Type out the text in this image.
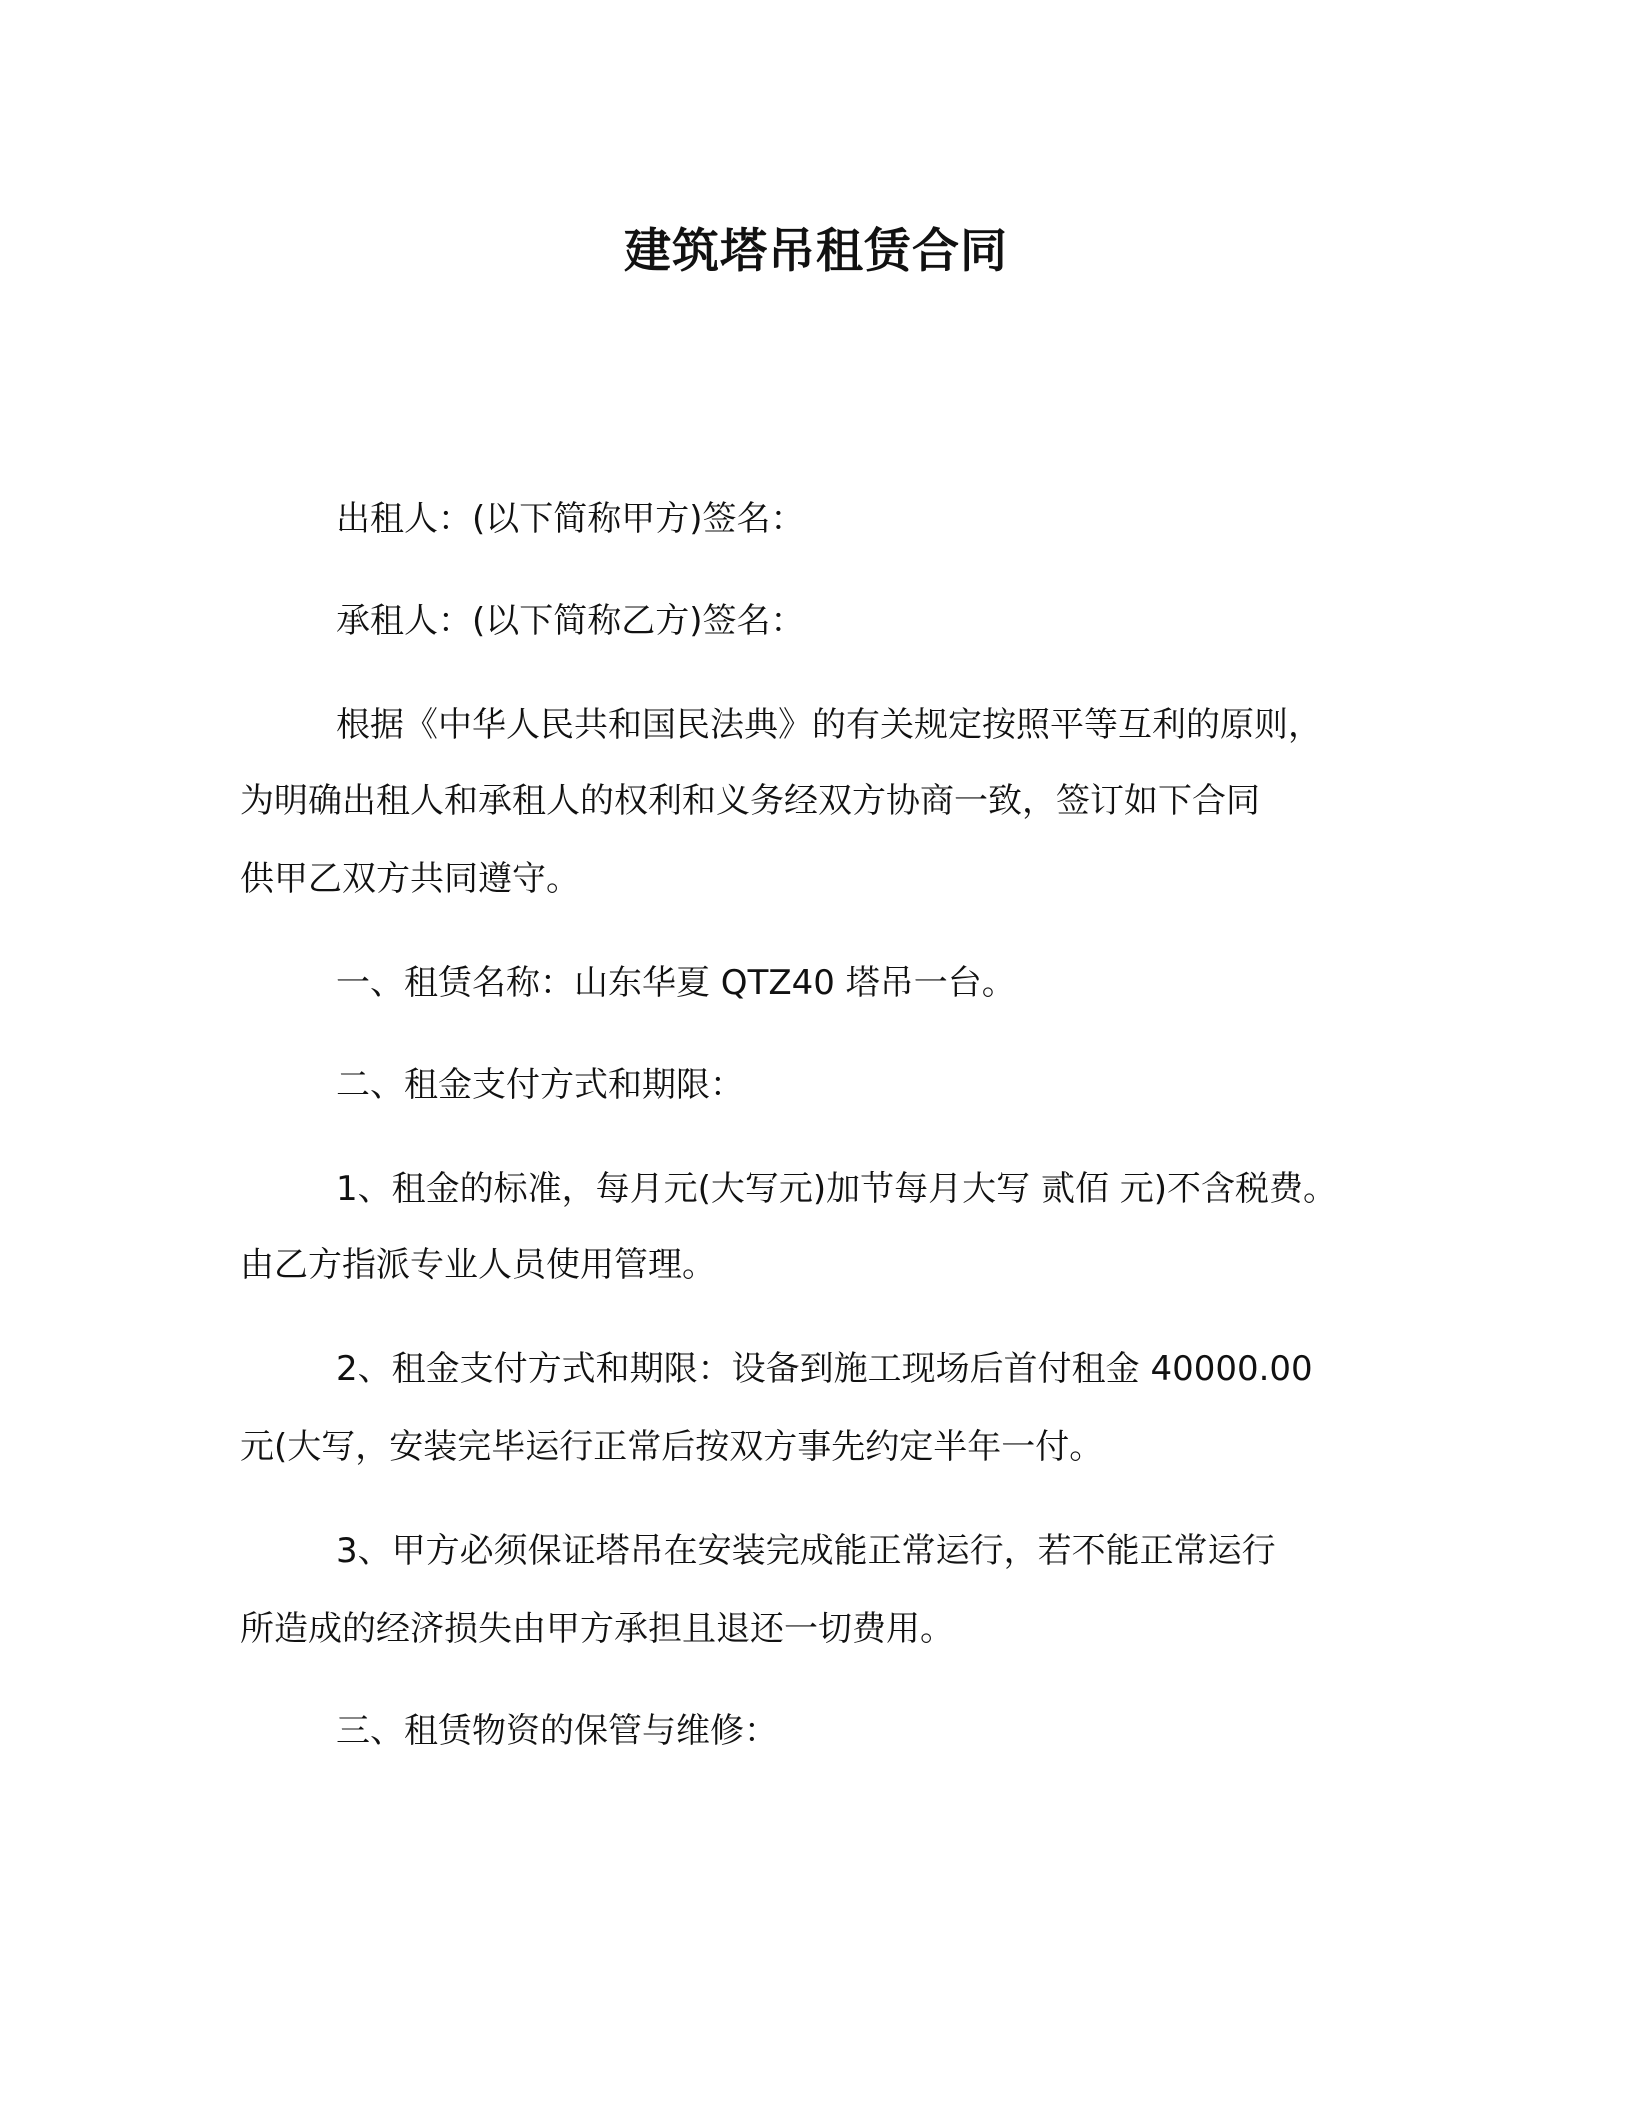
建筑塔吊租赁合同
出租人：(以下简称甲方)签名：
承租人：(以下简称乙方)签名：
根据《中华人民共和国民法典》的有关规定按照平等互利的原则，
为明确出租人和承租人的权利和义务经双方协商一致，签订如下合同
供甲乙双方共同遵守。
一、租赁名称：山东华夏 QTZ40 塔吊一台。
二、租金支付方式和期限：
1、租金的标准，每月元(大写元)加节每月大写 贰佰 元)不含税费。
由乙方指派专业人员使用管理。
2、租金支付方式和期限：设备到施工现场后首付租金 40000.00
元(大写，安装完毕运行正常后按双方事先约定半年一付。
3、甲方必须保证塔吊在安装完成能正常运行，若不能正常运行
所造成的经济损失由甲方承担且退还一切费用。
三、租赁物资的保管与维修：
